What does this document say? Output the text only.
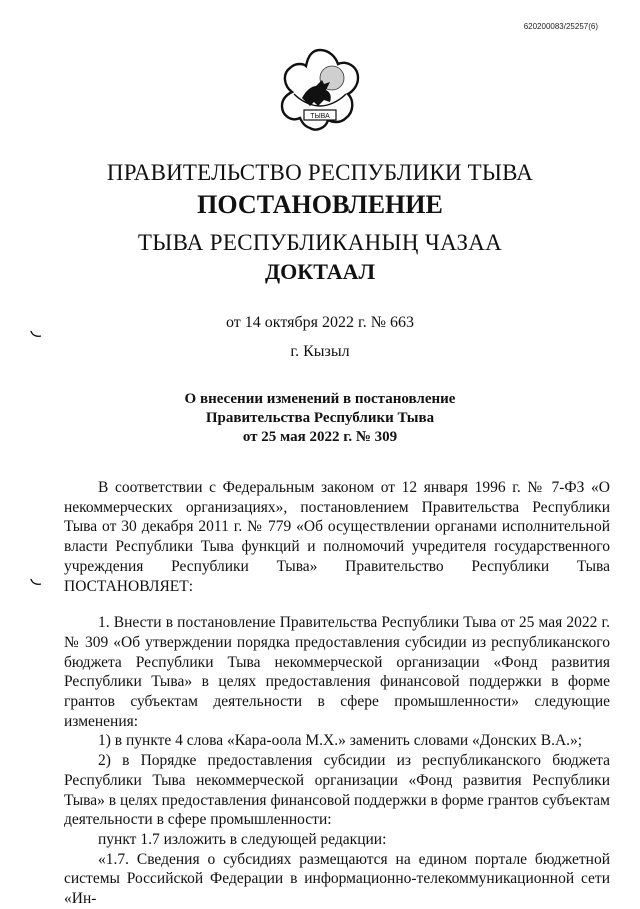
620200083/25257(6)
ТЫВА
ПРАВИТЕЛЬСТВО РЕСПУБЛИКИ ТЫВА
ПОСТАНОВЛЕНИЕ
ТЫВА РЕСПУБЛИКАНЫҢ ЧАЗАА
ДОКТААЛ
от 14 октября 2022 г. № 663
г. Кызыл
О внесении изменений в постановление
Правительства Республики Тыва
от 25 мая 2022 г. № 309

В соответствии с Федеральным законом от 12 января 1996 г. № 7-ФЗ «О некоммерческих организациях», постановлением Правительства Республики Тыва от 30 декабря 2011 г. № 779 «Об осуществлении органами исполнительной власти Республики Тыва функций и полномочий учредителя государственного учреждения Республики Тыва» Правительство Республики Тыва ПОСТАНОВЛЯЕТ:

1. Внести в постановление Правительства Республики Тыва от 25 мая 2022 г. № 309 «Об утверждении порядка предоставления субсидии из республиканского бюджета Республики Тыва некоммерческой организации «Фонд развития Республики Тыва» в целях предоставления финансовой поддержки в форме грантов субъектам деятельности в сфере промышленности» следующие изменения:

1) в пункте 4 слова «Кара-оола М.Х.» заменить словами «Донских В.А.»;

2) в Порядке предоставления субсидии из республиканского бюджета Республики Тыва некоммерческой организации «Фонд развития Республики Тыва» в целях предоставления финансовой поддержки в форме грантов субъектам деятельности в сфере промышленности:

пункт 1.7 изложить в следующей редакции:

«1.7. Сведения о субсидиях размещаются на едином портале бюджетной системы Российской Федерации в информационно-телекоммуникационной сети «Ин-
